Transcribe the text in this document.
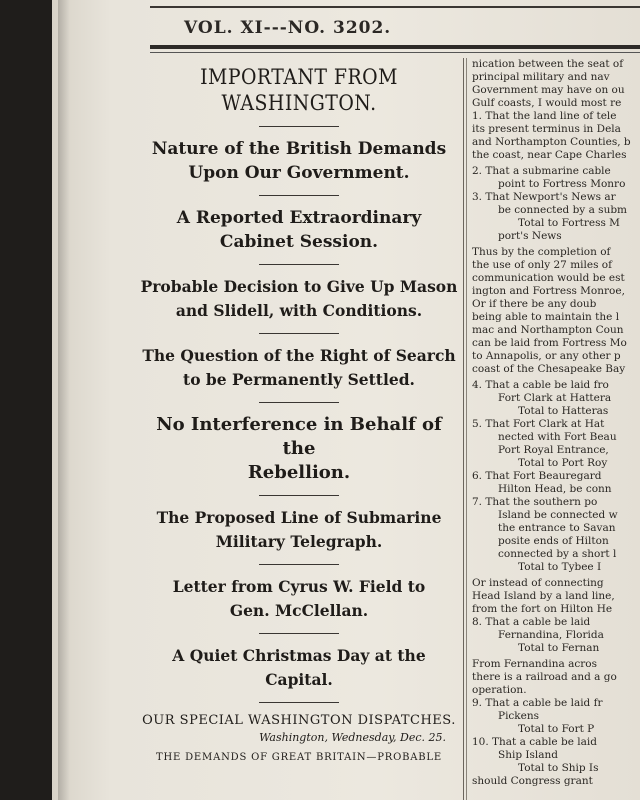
VOL. XI---NO. 3202.
IMPORTANT FROM WASHINGTON.
Nature of the British Demands
Upon Our Government.
A Reported Extraordinary
Cabinet Session.
Probable Decision to Give Up Mason
and Slidell, with Conditions.
The Question of the Right of Search
to be Permanently Settled.
No Interference in Behalf of the
Rebellion.
The Proposed Line of Submarine
Military Telegraph.
Letter from Cyrus W. Field to
Gen. McClellan.
A Quiet Christmas Day at the Capital.
OUR SPECIAL WASHINGTON DISPATCHES.
Washington, Wednesday, Dec. 25.
THE DEMANDS OF GREAT BRITAIN—PROBABLE
nication between the seat of
principal military and nav
Government may have on ou
Gulf coasts, I would most re
1. That the land line of tele
its present terminus in Dela
and Northampton Counties, b
the coast, near Cape Charles
2. That a submarine cable
point to Fortress Monro
3. That Newport's News ar
be connected by a subm
Total to Fortress M
port's News
Thus by the completion of
the use of only 27 miles of
communication would be est
ington and Fortress Monroe,
Or if there be any doub
being able to maintain the l
mac and Northampton Coun
can be laid from Fortress Mo
to Annapolis, or any other p
coast of the Chesapeake Bay
4. That a cable be laid fro
Fort Clark at Hattera
Total to Hatteras
5. That Fort Clark at Hat
nected with Fort Beau
Port Royal Entrance,
Total to Port Roy
6. That Fort Beauregard
Hilton Head, be conn
7. That the southern po
Island be connected w
the entrance to Savan
posite ends of Hilton
connected by a short l
Total to Tybee I
Or instead of connecting
Head Island by a land line,
from the fort on Hilton He
8. That a cable be laid
Fernandina, Florida
Total to Fernan
From Fernandina acros
there is a railroad and a go
operation.
9. That a cable be laid fr
Pickens
Total to Fort P
10. That a cable be laid
Ship Island
Total to Ship Is
should Congress grant
